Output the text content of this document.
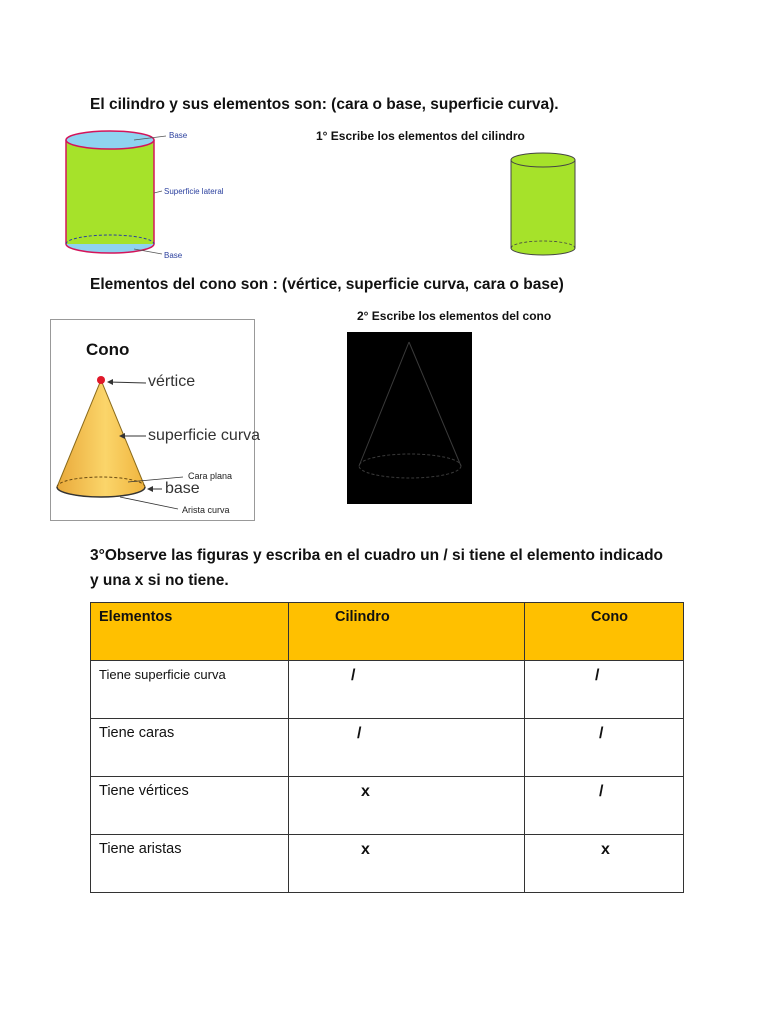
El cilindro y sus elementos son: (cara o base, superficie curva).
Base
Superficie lateral
Base
1° Escribe los elementos del cilindro
Elementos del cono son : (vértice, superficie curva, cara o base)
Cono
vértice
superficie curva
Cara plana
base
Arista curva
2° Escribe los elementos del cono
3°Observe las figuras y escriba en el cuadro un / si tiene el elemento indicado
y una x si no tiene.
Elementos	Cilindro	Cono
Tiene superficie curva	/	/
Tiene caras	/	/
Tiene vértices	x	/
Tiene aristas	x	x
